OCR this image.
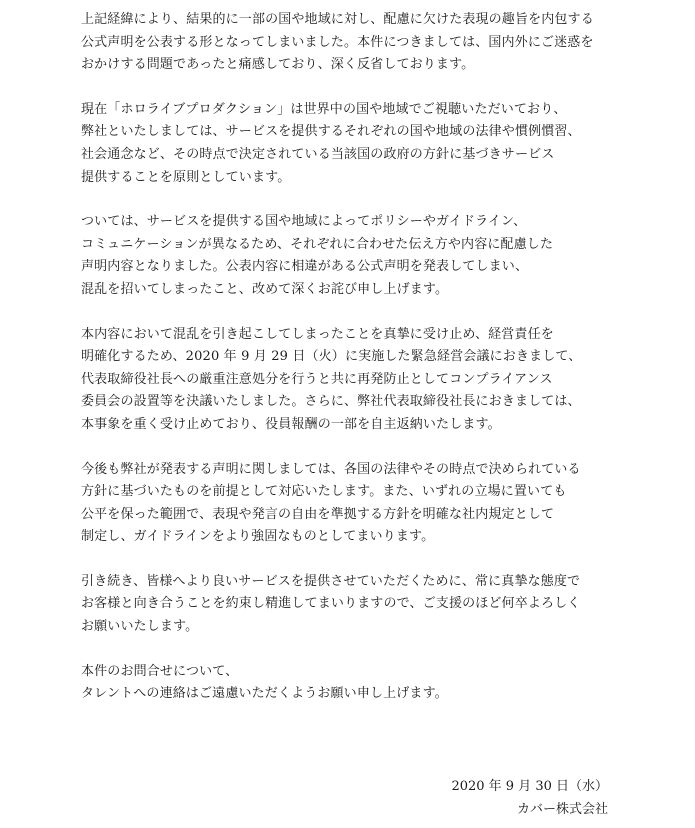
上記経緯により、結果的に一部の国や地域に対し、配慮に欠けた表現の趣旨を内包する

公式声明を公表する形となってしまいました。本件につきましては、国内外にご迷惑を

おかけする問題であったと痛感しており、深く反省しております。

現在「ホロライブプロダクション」は世界中の国や地域でご視聴いただいており、

弊社といたしましては、サービスを提供するそれぞれの国や地域の法律や慣例慣習、

社会通念など、その時点で決定されている当該国の政府の方針に基づきサービス

提供することを原則としています。

ついては、サービスを提供する国や地域によってポリシーやガイドライン、

コミュニケーションが異なるため、それぞれに合わせた伝え方や内容に配慮した

声明内容となりました。公表内容に相違がある公式声明を発表してしまい、

混乱を招いてしまったこと、改めて深くお詫び申し上げます。

本内容において混乱を引き起こしてしまったことを真摯に受け止め、経営責任を

明確化するため、2020 年 9 月 29 日（火）に実施した緊急経営会議におきまして、

代表取締役社長への厳重注意処分を行うと共に再発防止としてコンプライアンス

委員会の設置等を決議いたしました。さらに、弊社代表取締役社長におきましては、

本事象を重く受け止めており、役員報酬の一部を自主返納いたします。

今後も弊社が発表する声明に関しましては、各国の法律やその時点で決められている

方針に基づいたものを前提として対応いたします。また、いずれの立場に置いても

公平を保った範囲で、表現や発言の自由を準拠する方針を明確な社内規定として

制定し、ガイドラインをより強固なものとしてまいります。

引き続き、皆様へより良いサービスを提供させていただくために、常に真摯な態度で

お客様と向き合うことを約束し精進してまいりますので、ご支援のほど何卒よろしく

お願いいたします。

本件のお問合せについて、

タレントへの連絡はご遠慮いただくようお願い申し上げます。

2020 年 9 月 30 日（水）

カバー株式会社
